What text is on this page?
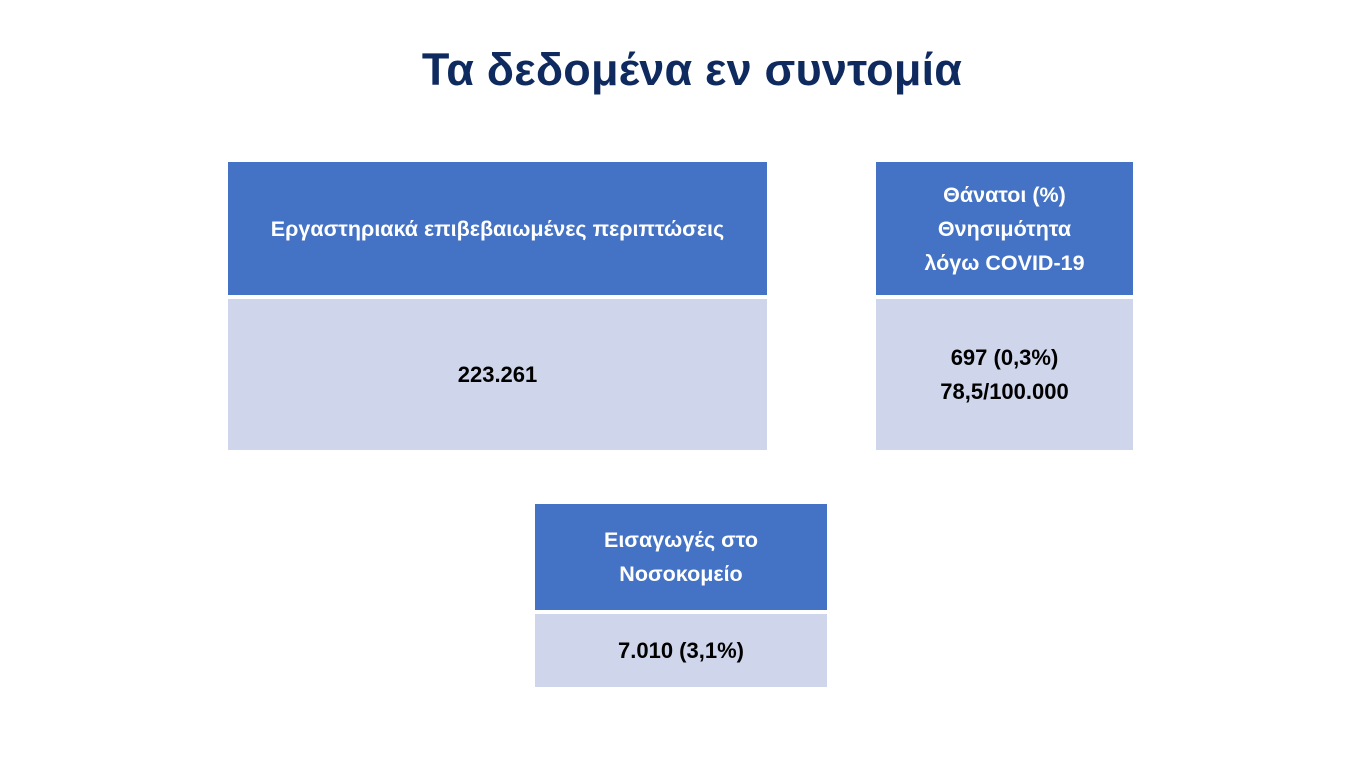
Τα δεδομένα εν συντομία
Εργαστηριακά επιβεβαιωμένες περιπτώσεις
223.261
Θάνατοι (%)
Θνησιμότητα
λόγω COVID-19
697 (0,3%)
78,5/100.000
Εισαγωγές στο
Νοσοκομείο
7.010 (3,1%)
